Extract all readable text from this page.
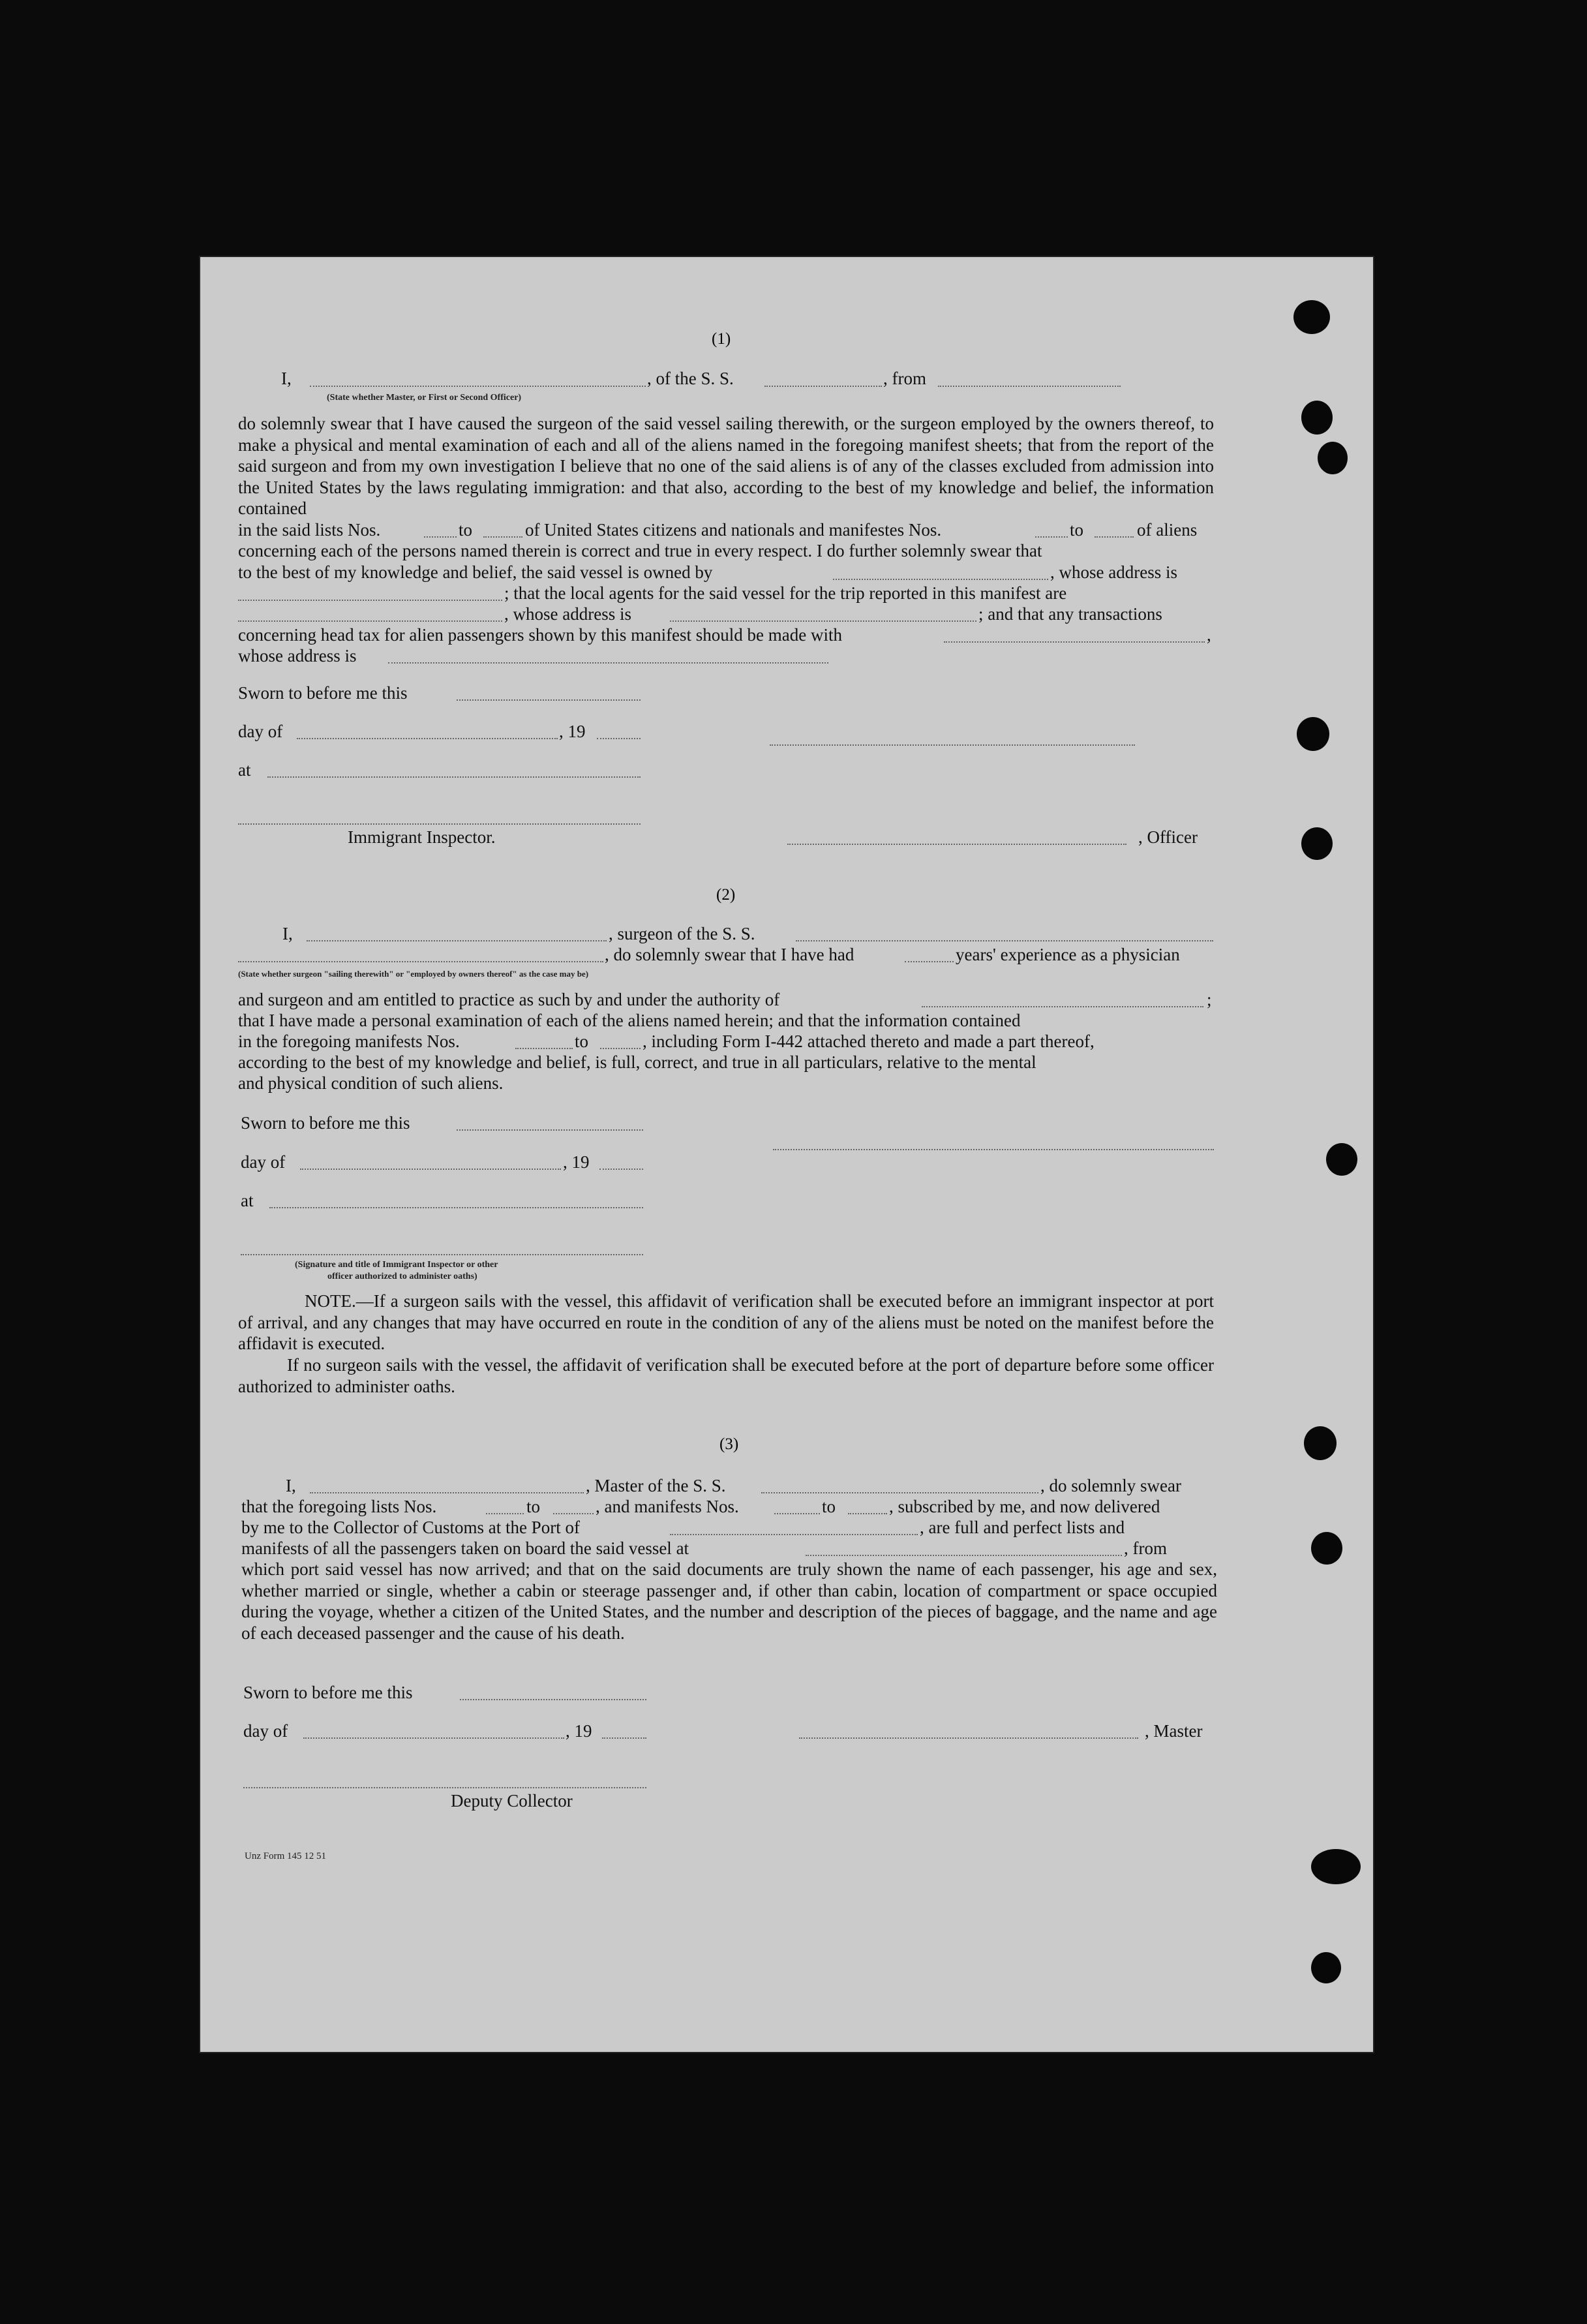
(1)
I,	, of the S. S.	, from
(State whether Master, or First or Second Officer)
do solemnly swear that I have caused the surgeon of the said vessel sailing therewith, or the surgeon employed by the owners thereof, to make a physical and mental examination of each and all of the aliens named in the foregoing manifest sheets; that from the report of the said surgeon and from my own investigation I believe that no one of the said aliens is of any of the classes excluded from admission into the United States by the laws regulating immigration: and that also, according to the best of my knowledge and belief, the information contained
in the said lists Nos.	to	of United States citizens and nationals and manifestes Nos.	to	of aliens
concerning each of the persons named therein is correct and true in every respect. I do further solemnly swear that
to the best of my knowledge and belief, the said vessel is owned by	, whose address is
; that the local agents for the said vessel for the trip reported in this manifest are
, whose address is	; and that any transactions
concerning head tax for alien passengers shown by this manifest should be made with	,
whose address is
Sworn to before me this
day of	, 19
at
Immigrant Inspector.	, Officer
(2)
I,	, surgeon of the S. S.
, do solemnly swear that I have had	years' experience as a physician
(State whether surgeon "sailing therewith" or "employed by owners thereof" as the case may be)
and surgeon and am entitled to practice as such by and under the authority of	;
that I have made a personal examination of each of the aliens named herein; and that the information contained
in the foregoing manifests Nos.	to	, including Form I-442 attached thereto and made a part thereof,
according to the best of my knowledge and belief, is full, correct, and true in all particulars, relative to the mental
and physical condition of such aliens.
Sworn to before me this
day of	, 19
at
(Signature and title of Immigrant Inspector or other
officer authorized to administer oaths)
NOTE.—If a surgeon sails with the vessel, this affidavit of verification shall be executed before an immigrant inspector at port of arrival, and any changes that may have occurred en route in the condition of any of the aliens must be noted on the manifest before the affidavit is executed.
If no surgeon sails with the vessel, the affidavit of verification shall be executed before at the port of departure before some officer authorized to administer oaths.
(3)
I,	, Master of the S. S.	, do solemnly swear
that the foregoing lists Nos.	to	, and manifests Nos.	to	, subscribed by me, and now delivered
by me to the Collector of Customs at the Port of	, are full and perfect lists and
manifests of all the passengers taken on board the said vessel at	, from
which port said vessel has now arrived; and that on the said documents are truly shown the name of each passenger, his age and sex, whether married or single, whether a cabin or steerage passenger and, if other than cabin, location of compartment or space occupied during the voyage, whether a citizen of the United States, and the number and description of the pieces of baggage, and the name and age of each deceased passenger and the cause of his death.
Sworn to before me this
day of	, 19	, Master
Deputy Collector
Unz Form 145 12 51
